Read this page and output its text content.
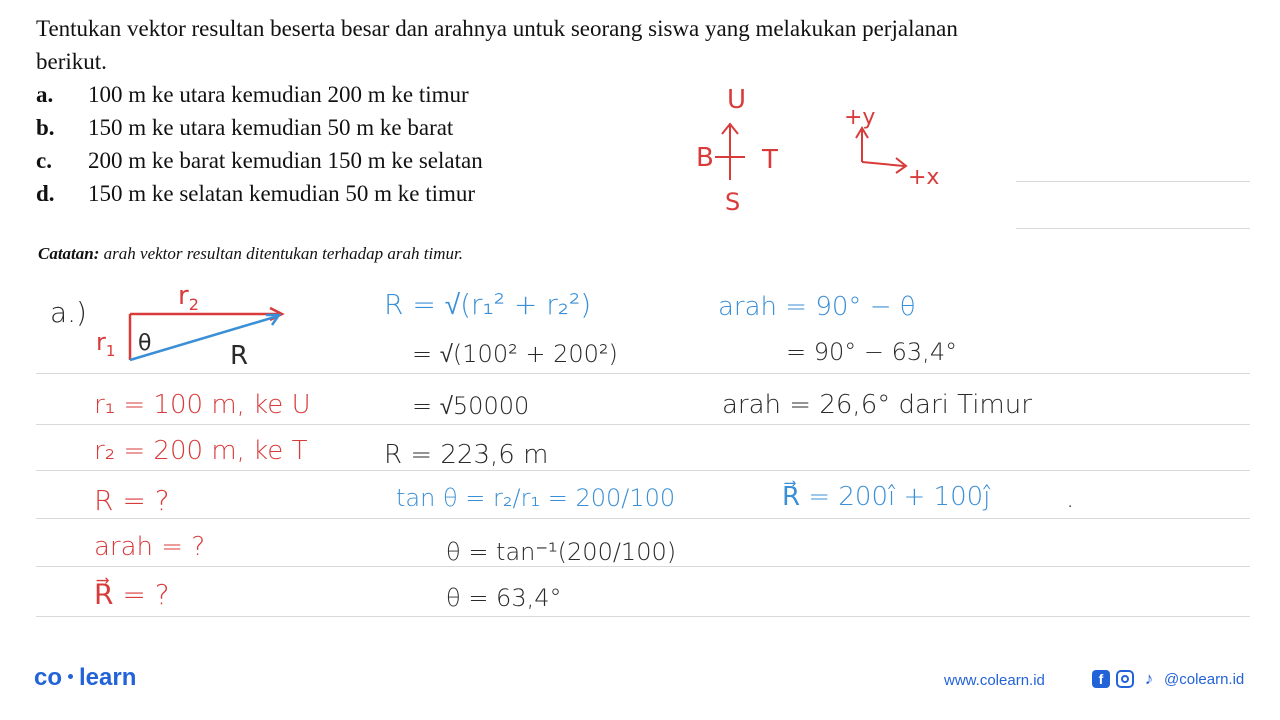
Tentukan vektor resultan beserta besar dan arahnya untuk seorang siswa yang melakukan perjalanan berikut.

a.	100 m ke utara kemudian 200 m ke timur
b.	150 m ke utara kemudian 50 m ke barat
c.	200 m ke barat kemudian 150 m ke selatan
d.	150 m ke selatan kemudian 50 m ke timur
Catatan: arah vektor resultan ditentukan terhadap arah timur.
U
B T
S
+y
+x
a.)	$r_2$
$r_1$ θ	R
r₁ = 100 m, ke U
r₂ = 200 m, ke T
R = ?
arah = ?
R⃗ = ?
R = √(r₁² + r₂²)
= √(100² + 200²)
= √50000
R = 223,6 m
tan θ = r₂/r₁ = 200/100
θ = tan⁻¹(200/100)
θ = 63,4°
arah = 90° − θ
= 90° − 63,4°
arah = 26,6° dari Timur
R⃗ = 200î + 100ĵ	.
co learn	www.colearn.id	f	♪ @colearn.id
